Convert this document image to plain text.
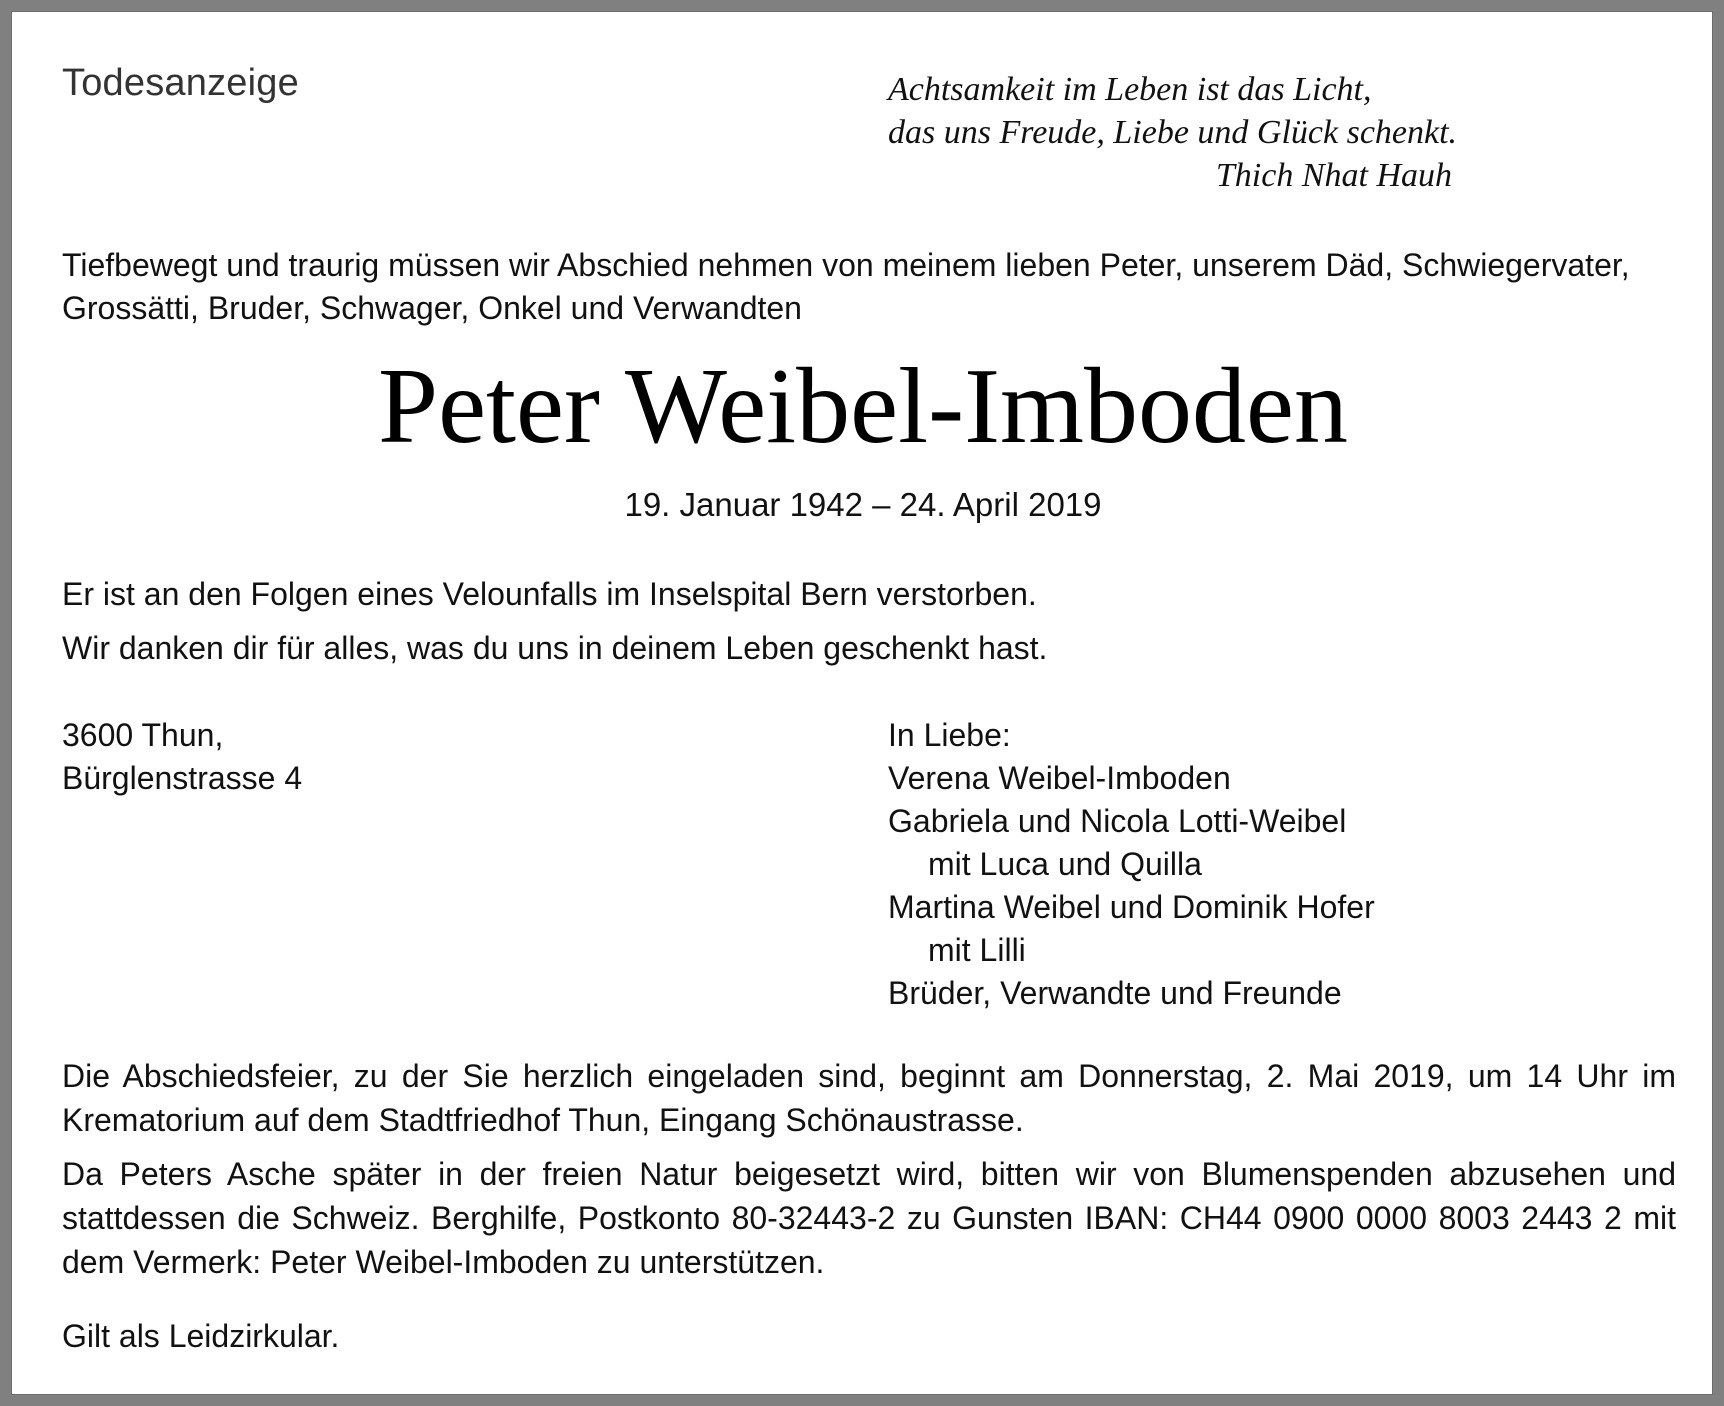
Todesanzeige	Achtsamkeit im Leben ist das Licht,
das uns Freude, Liebe und Glück schenkt.
Thich Nhat Hauh
Tiefbewegt und traurig müssen wir Abschied nehmen von meinem lieben Peter, unserem Däd, Schwiegervater, Grossätti, Bruder, Schwager, Onkel und Verwandten
Peter Weibel-Imboden
19. Januar 1942 – 24. April 2019
Er ist an den Folgen eines Velounfalls im Inselspital Bern verstorben.
Wir danken dir für alles, was du uns in deinem Leben geschenkt hast.
3600 Thun,
Bürglenstrasse 4
In Liebe:
Verena Weibel-Imboden
Gabriela und Nicola Lotti-Weibel
mit Luca und Quilla
Martina Weibel und Dominik Hofer
mit Lilli
Brüder, Verwandte und Freunde
Die Abschiedsfeier, zu der Sie herzlich eingeladen sind, beginnt am Donnerstag, 2. Mai 2019, um 14 Uhr im Krematorium auf dem Stadtfriedhof Thun, Eingang Schönaustrasse.
Da Peters Asche später in der freien Natur beigesetzt wird, bitten wir von Blumenspenden abzusehen und stattdessen die Schweiz. Berghilfe, Postkonto 80-32443-2 zu Gunsten IBAN: CH44 0900 0000 8003 2443 2 mit dem Vermerk: Peter Weibel-Imboden zu unterstützen.
Gilt als Leidzirkular.
